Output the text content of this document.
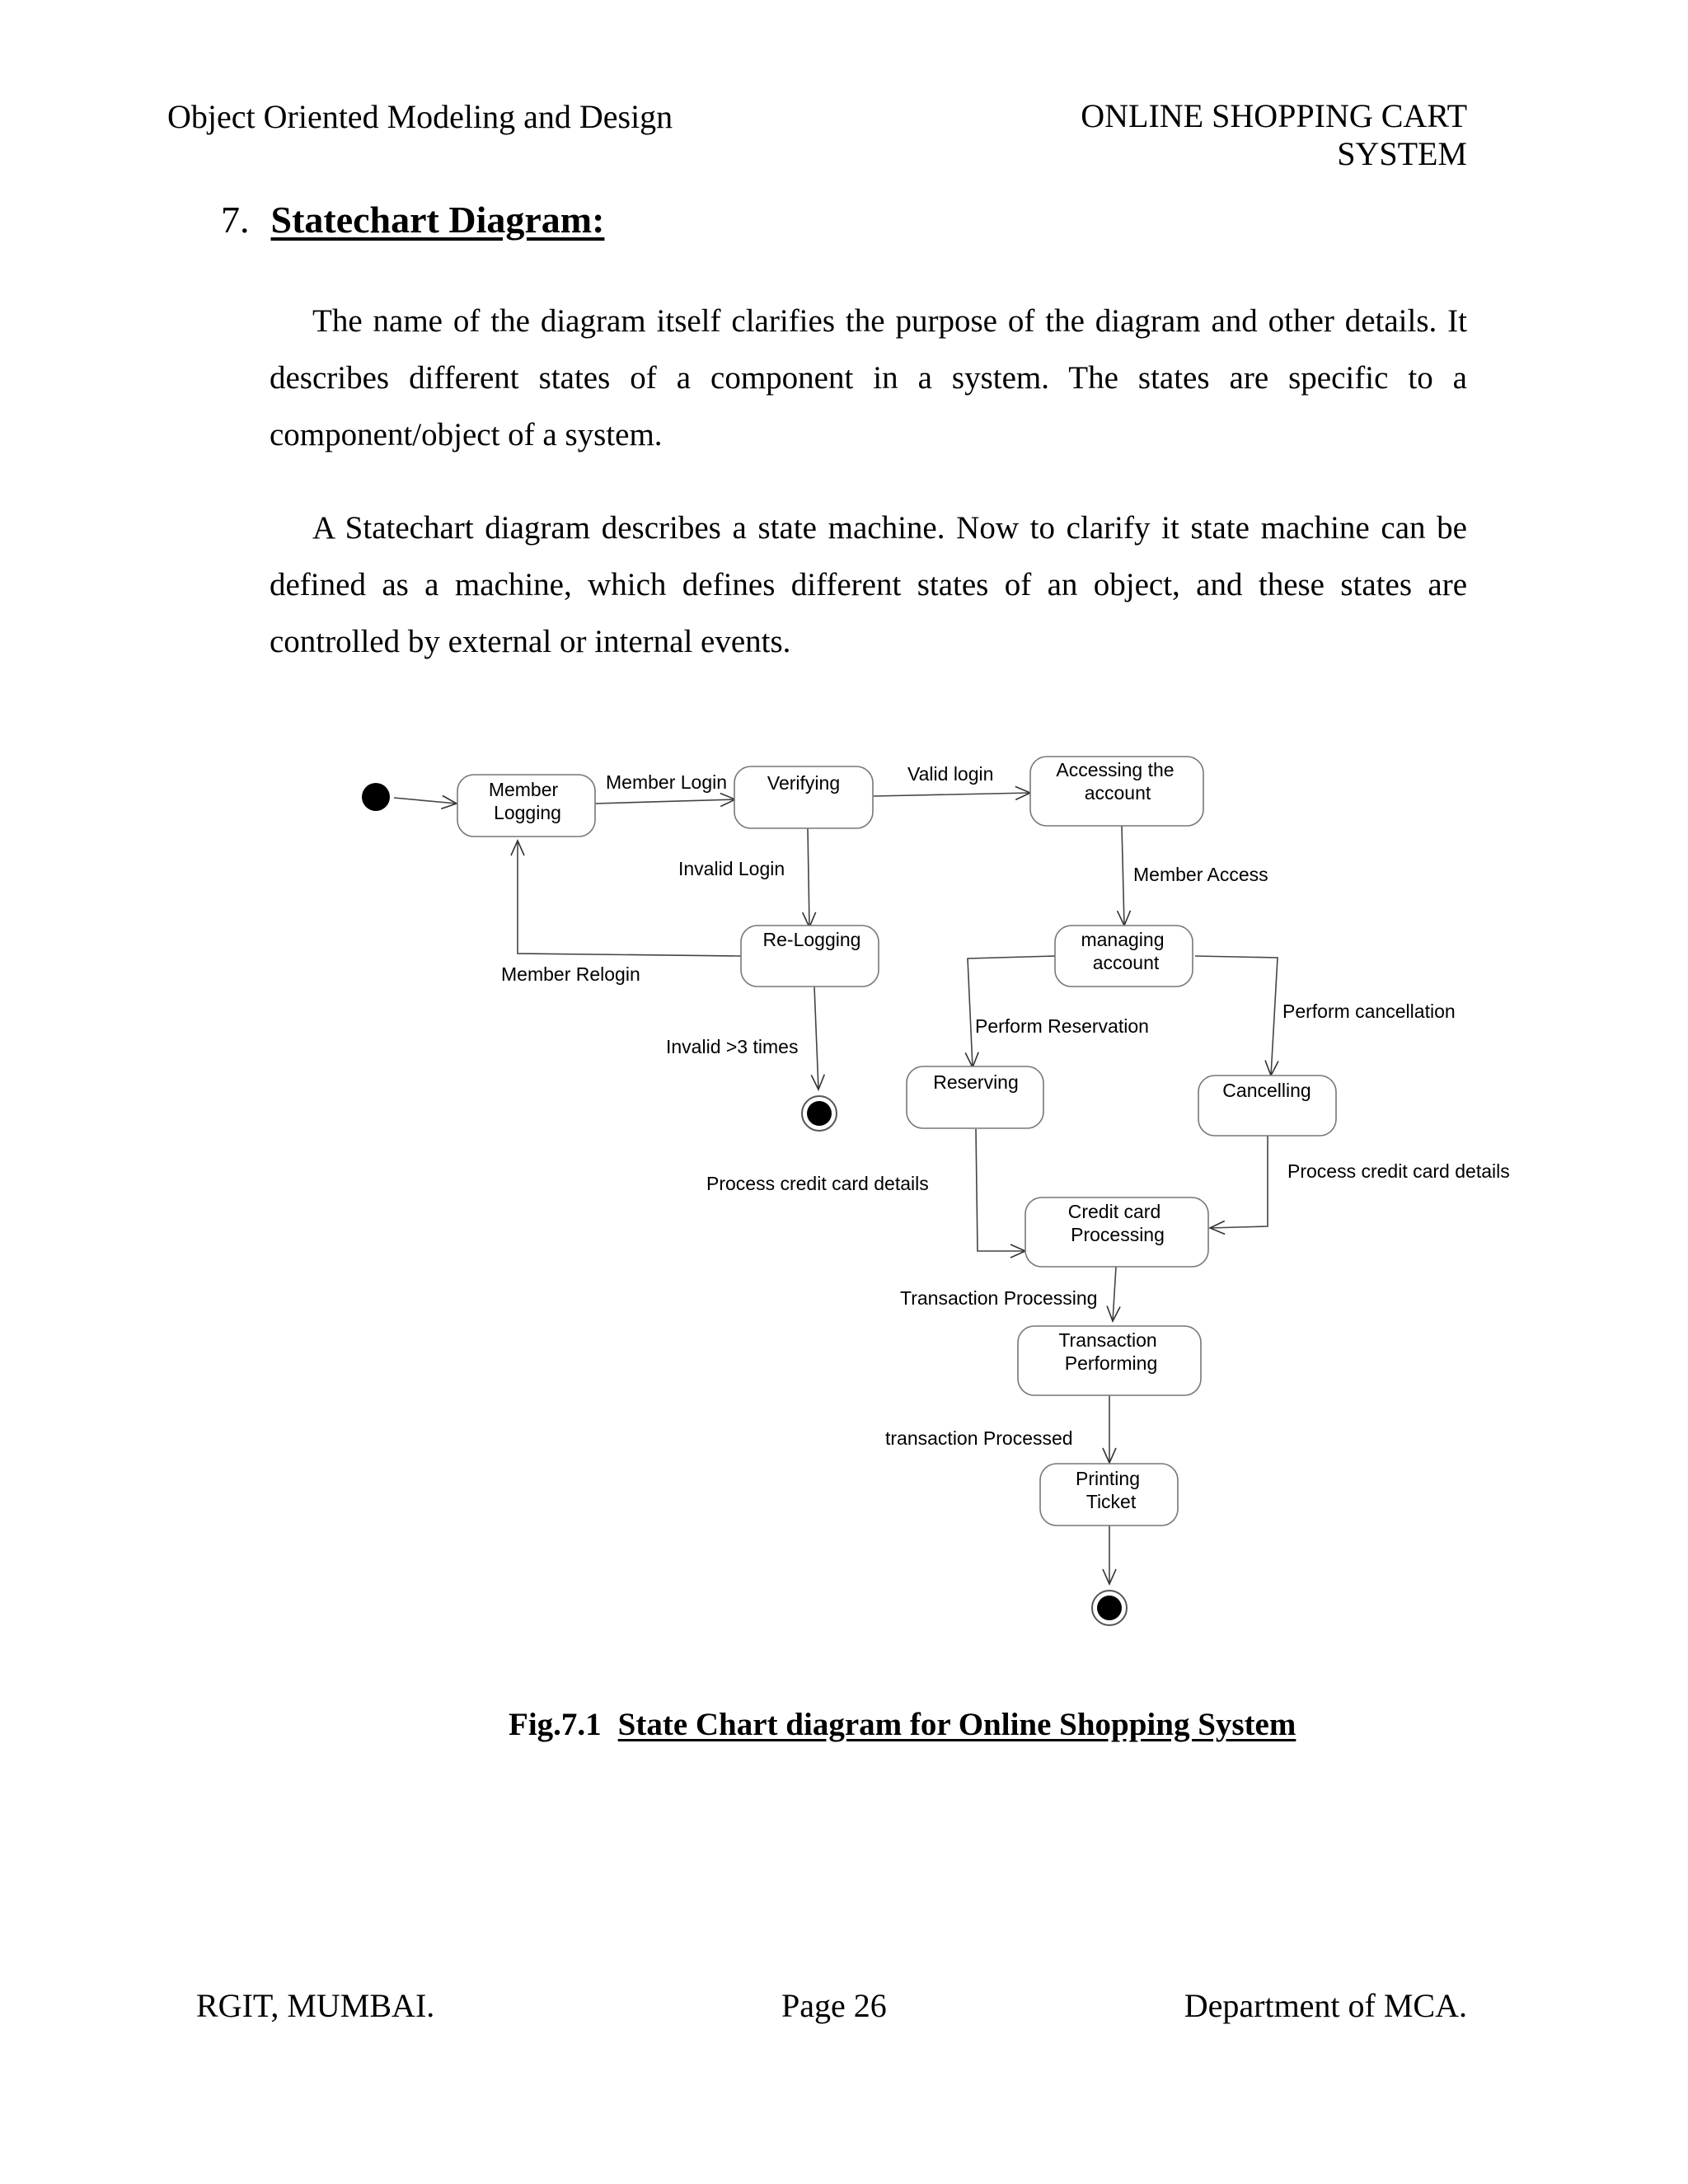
Object Oriented Modeling and Design	ONLINE SHOPPING CART
SYSTEM
7. Statechart Diagram:

The name of the diagram itself clarifies the purpose of the diagram and other details. It describes different states of a component in a system. The states are specific to a component/object of a system.

A Statechart diagram describes a state machine. Now to clarify it state machine can be defined as a machine, which defines different states of an object, and these states are controlled by external or internal events.

Member
Logging
Verifying
Accessing the
account
Re-Logging	managing
account
Reserving	Cancelling
Credit card
Processing
Transaction
Performing
Printing
Ticket
Member Login	Valid login
Invalid Login	Member Access
Member Relogin
Perform Reservation
Perform cancellation
Invalid >3 times
Process credit card details
Process credit card details
Transaction Processing
transaction Processed
Fig.7.1 State Chart diagram for Online Shopping System
RGIT, MUMBAI.	Page 26	Department of MCA.
